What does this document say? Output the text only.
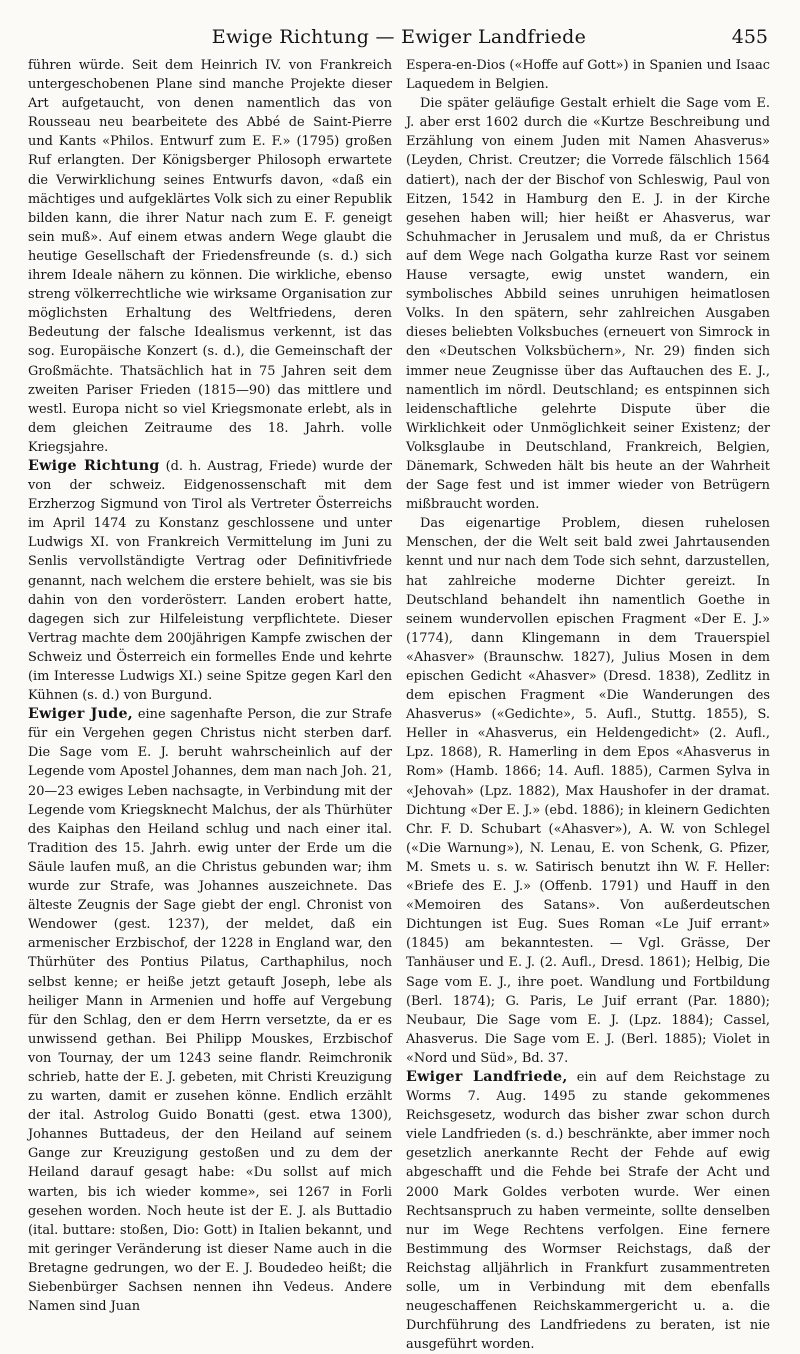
Ewige Richtung — Ewiger Landfriede	455

führen würde. Seit dem Heinrich IV. von Frankreich untergeschobenen Plane sind manche Projekte dieser Art aufgetaucht, von denen namentlich das von Rousseau neu bearbeitete des Abbé de Saint-Pierre und Kants «Philos. Entwurf zum E. F.» (1795) großen Ruf erlangten. Der Königsberger Philosoph erwartete die Verwirklichung seines Entwurfs davon, «daß ein mächtiges und aufgeklärtes Volk sich zu einer Republik bilden kann, die ihrer Natur nach zum E. F. geneigt sein muß». Auf einem etwas andern Wege glaubt die heutige Gesellschaft der Friedensfreunde (s. d.) sich ihrem Ideale nähern zu können. Die wirkliche, ebenso streng völkerrechtliche wie wirksame Organisation zur möglichsten Erhaltung des Weltfriedens, deren Bedeutung der falsche Idealismus verkennt, ist das sog. Europäische Konzert (s. d.), die Gemeinschaft der Großmächte. Thatsächlich hat in 75 Jahren seit dem zweiten Pariser Frieden (1815—90) das mittlere und westl. Europa nicht so viel Kriegsmonate erlebt, als in dem gleichen Zeitraume des 18. Jahrh. volle Kriegsjahre.

Ewige Richtung (d. h. Austrag, Friede) wurde der von der schweiz. Eidgenossenschaft mit dem Erzherzog Sigmund von Tirol als Vertreter Österreichs im April 1474 zu Konstanz geschlossene und unter Ludwigs XI. von Frankreich Vermittelung im Juni zu Senlis vervollständigte Vertrag oder Definitivfriede genannt, nach welchem die erstere behielt, was sie bis dahin von den vorderösterr. Landen erobert hatte, dagegen sich zur Hilfeleistung verpflichtete. Dieser Vertrag machte dem 200jährigen Kampfe zwischen der Schweiz und Österreich ein formelles Ende und kehrte (im Interesse Ludwigs XI.) seine Spitze gegen Karl den Kühnen (s. d.) von Burgund.

Ewiger Jude, eine sagenhafte Person, die zur Strafe für ein Vergehen gegen Christus nicht sterben darf. Die Sage vom E. J. beruht wahrscheinlich auf der Legende vom Apostel Johannes, dem man nach Joh. 21, 20—23 ewiges Leben nachsagte, in Verbindung mit der Legende vom Kriegsknecht Malchus, der als Thürhüter des Kaiphas den Heiland schlug und nach einer ital. Tradition des 15. Jahrh. ewig unter der Erde um die Säule laufen muß, an die Christus gebunden war; ihm wurde zur Strafe, was Johannes auszeichnete. Das älteste Zeugnis der Sage giebt der engl. Chronist von Wendower (gest. 1237), der meldet, daß ein armenischer Erzbischof, der 1228 in England war, den Thürhüter des Pontius Pilatus, Carthaphilus, noch selbst kenne; er heiße jetzt getauft Joseph, lebe als heiliger Mann in Armenien und hoffe auf Vergebung für den Schlag, den er dem Herrn versetzte, da er es unwissend gethan. Bei Philipp Mouskes, Erzbischof von Tournay, der um 1243 seine flandr. Reimchronik schrieb, hatte der E. J. gebeten, mit Christi Kreuzigung zu warten, damit er zusehen könne. Endlich erzählt der ital. Astrolog Guido Bonatti (gest. etwa 1300), Johannes Buttadeus, der den Heiland auf seinem Gange zur Kreuzigung gestoßen und zu dem der Heiland darauf gesagt habe: «Du sollst auf mich warten, bis ich wieder komme», sei 1267 in Forli gesehen worden. Noch heute ist der E. J. als Buttadio (ital. buttare: stoßen, Dio: Gott) in Italien bekannt, und mit geringer Veränderung ist dieser Name auch in die Bretagne gedrungen, wo der E. J. Boudedeo heißt; die Siebenbürger Sachsen nennen ihn Vedeus. Andere Namen sind Juan

Espera-en-Dios («Hoffe auf Gott») in Spanien und Isaac Laquedem in Belgien.

Die später geläufige Gestalt erhielt die Sage vom E. J. aber erst 1602 durch die «Kurtze Beschreibung und Erzählung von einem Juden mit Namen Ahasverus» (Leyden, Christ. Creutzer; die Vorrede fälschlich 1564 datiert), nach der der Bischof von Schleswig, Paul von Eitzen, 1542 in Hamburg den E. J. in der Kirche gesehen haben will; hier heißt er Ahasverus, war Schuhmacher in Jerusalem und muß, da er Christus auf dem Wege nach Golgatha kurze Rast vor seinem Hause versagte, ewig unstet wandern, ein symbolisches Abbild seines unruhigen heimatlosen Volks. In den spätern, sehr zahlreichen Ausgaben dieses beliebten Volksbuches (erneuert von Simrock in den «Deutschen Volksbüchern», Nr. 29) finden sich immer neue Zeugnisse über das Auftauchen des E. J., namentlich im nördl. Deutschland; es entspinnen sich leidenschaftliche gelehrte Dispute über die Wirklichkeit oder Unmöglichkeit seiner Existenz; der Volksglaube in Deutschland, Frankreich, Belgien, Dänemark, Schweden hält bis heute an der Wahrheit der Sage fest und ist immer wieder von Betrügern mißbraucht worden.

Das eigenartige Problem, diesen ruhelosen Menschen, der die Welt seit bald zwei Jahrtausenden kennt und nur nach dem Tode sich sehnt, darzustellen, hat zahlreiche moderne Dichter gereizt. In Deutschland behandelt ihn namentlich Goethe in seinem wundervollen epischen Fragment «Der E. J.» (1774), dann Klingemann in dem Trauerspiel «Ahasver» (Braunschw. 1827), Julius Mosen in dem epischen Gedicht «Ahasver» (Dresd. 1838), Zedlitz in dem epischen Fragment «Die Wanderungen des Ahasverus» («Gedichte», 5. Aufl., Stuttg. 1855), S. Heller in «Ahasverus, ein Heldengedicht» (2. Aufl., Lpz. 1868), R. Hamerling in dem Epos «Ahasverus in Rom» (Hamb. 1866; 14. Aufl. 1885), Carmen Sylva in «Jehovah» (Lpz. 1882), Max Haushofer in der dramat. Dichtung «Der E. J.» (ebd. 1886); in kleinern Gedichten Chr. F. D. Schubart («Ahasver»), A. W. von Schlegel («Die Warnung»), N. Lenau, E. von Schenk, G. Pfizer, M. Smets u. s. w. Satirisch benutzt ihn W. F. Heller: «Briefe des E. J.» (Offenb. 1791) und Hauff in den «Memoiren des Satans». Von außerdeutschen Dichtungen ist Eug. Sues Roman «Le Juif errant» (1845) am bekanntesten. — Vgl. Grässe, Der Tanhäuser und E. J. (2. Aufl., Dresd. 1861); Helbig, Die Sage vom E. J., ihre poet. Wandlung und Fortbildung (Berl. 1874); G. Paris, Le Juif errant (Par. 1880); Neubaur, Die Sage vom E. J. (Lpz. 1884); Cassel, Ahasverus. Die Sage vom E. J. (Berl. 1885); Violet in «Nord und Süd», Bd. 37.

Ewiger Landfriede, ein auf dem Reichstage zu Worms 7. Aug. 1495 zu stande gekommenes Reichsgesetz, wodurch das bisher zwar schon durch viele Landfrieden (s. d.) beschränkte, aber immer noch gesetzlich anerkannte Recht der Fehde auf ewig abgeschafft und die Fehde bei Strafe der Acht und 2000 Mark Goldes verboten wurde. Wer einen Rechtsanspruch zu haben vermeinte, sollte denselben nur im Wege Rechtens verfolgen. Eine fernere Bestimmung des Wormser Reichstags, daß der Reichstag alljährlich in Frankfurt zusammentreten solle, um in Verbindung mit dem ebenfalls neugeschaffenen Reichskammergericht u. a. die Durchführung des Landfriedens zu beraten, ist nie ausgeführt worden.
